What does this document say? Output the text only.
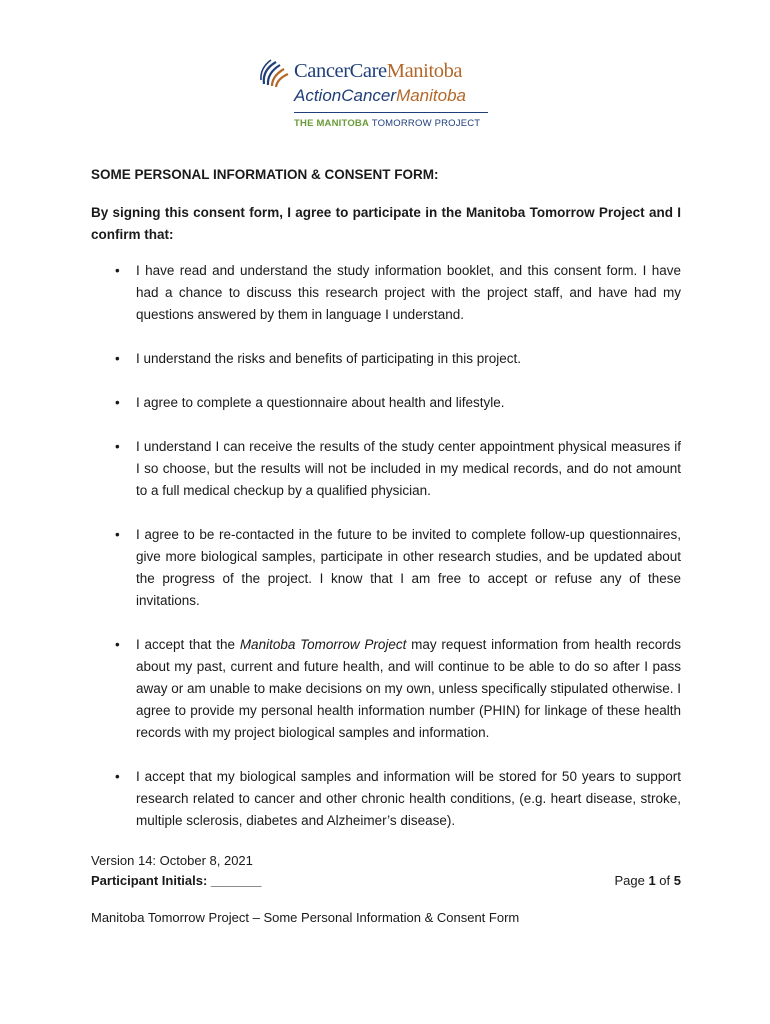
CancerCareManitoba
ActionCancerManitoba
THE MANITOBA TOMORROW PROJECT

SOME PERSONAL INFORMATION & CONSENT FORM:

By signing this consent form, I agree to participate in the Manitoba Tomorrow Project and I confirm that:

• I have read and understand the study information booklet, and this consent form. I have had a chance to discuss this research project with the project staff, and have had my questions answered by them in language I understand.
• I understand the risks and benefits of participating in this project.
• I agree to complete a questionnaire about health and lifestyle.
• I understand I can receive the results of the study center appointment physical measures if I so choose, but the results will not be included in my medical records, and do not amount to a full medical checkup by a qualified physician.
• I agree to be re-contacted in the future to be invited to complete follow-up questionnaires, give more biological samples, participate in other research studies, and be updated about the progress of the project. I know that I am free to accept or refuse any of these invitations.
• I accept that the Manitoba Tomorrow Project may request information from health records about my past, current and future health, and will continue to be able to do so after I pass away or am unable to make decisions on my own, unless specifically stipulated otherwise. I agree to provide my personal health information number (PHIN) for linkage of these health records with my project biological samples and information.
• I accept that my biological samples and information will be stored for 50 years to support research related to cancer and other chronic health conditions, (e.g. heart disease, stroke, multiple sclerosis, diabetes and Alzheimer’s disease).
Version 14: October 8, 2021
Participant Initials: _______	Page 1 of 5
Manitoba Tomorrow Project – Some Personal Information & Consent Form
